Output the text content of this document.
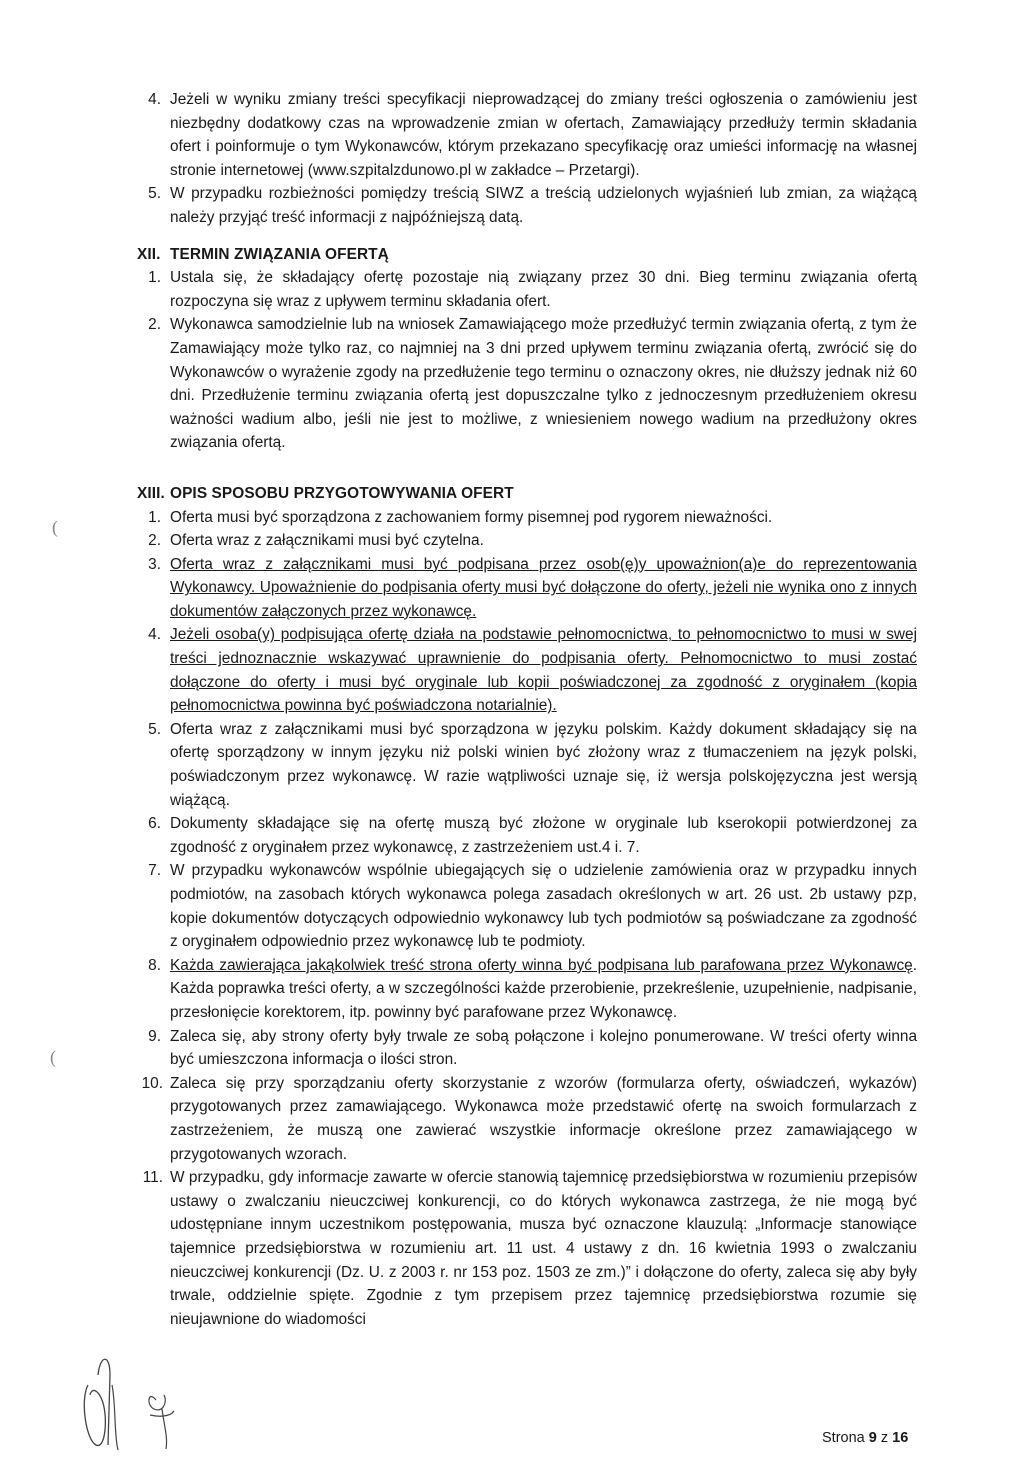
4. Jeżeli w wyniku zmiany treści specyfikacji nieprowadzącej do zmiany treści ogłoszenia o zamówieniu jest niezbędny dodatkowy czas na wprowadzenie zmian w ofertach, Zamawiający przedłuży termin składania ofert i poinformuje o tym Wykonawców, którym przekazano specyfikację oraz umieści informację na własnej stronie internetowej (www.szpitalzdunowo.pl w zakładce – Przetargi).
5. W przypadku rozbieżności pomiędzy treścią SIWZ a treścią udzielonych wyjaśnień lub zmian, za wiążącą należy przyjąć treść informacji z najpóźniejszą datą.
XII. TERMIN ZWIĄZANIA OFERTĄ
1. Ustala się, że składający ofertę pozostaje nią związany przez 30 dni. Bieg terminu związania ofertą rozpoczyna się wraz z upływem terminu składania ofert.
2. Wykonawca samodzielnie lub na wniosek Zamawiającego może przedłużyć termin związania ofertą, z tym że Zamawiający może tylko raz, co najmniej na 3 dni przed upływem terminu związania ofertą, zwrócić się do Wykonawców o wyrażenie zgody na przedłużenie tego terminu o oznaczony okres, nie dłuższy jednak niż 60 dni. Przedłużenie terminu związania ofertą jest dopuszczalne tylko z jednoczesnym przedłużeniem okresu ważności wadium albo, jeśli nie jest to możliwe, z wniesieniem nowego wadium na przedłużony okres związania ofertą.
XIII. OPIS SPOSOBU PRZYGOTOWYWANIA OFERT
1. Oferta musi być sporządzona z zachowaniem formy pisemnej pod rygorem nieważności.
2. Oferta wraz z załącznikami musi być czytelna.
3. Oferta wraz z załącznikami musi być podpisana przez osob(ę)y upoważnion(a)e do reprezentowania Wykonawcy. Upoważnienie do podpisania oferty musi być dołączone do oferty, jeżeli nie wynika ono z innych dokumentów załączonych przez wykonawcę.
4. Jeżeli osoba(y) podpisująca ofertę działa na podstawie pełnomocnictwa, to pełnomocnictwo to musi w swej treści jednoznacznie wskazywać uprawnienie do podpisania oferty. Pełnomocnictwo to musi zostać dołączone do oferty i musi być oryginale lub kopii poświadczonej za zgodność z oryginałem (kopia pełnomocnictwa powinna być poświadczona notarialnie).
5. Oferta wraz z załącznikami musi być sporządzona w języku polskim. Każdy dokument składający się na ofertę sporządzony w innym języku niż polski winien być złożony wraz z tłumaczeniem na język polski, poświadczonym przez wykonawcę. W razie wątpliwości uznaje się, iż wersja polskojęzyczna jest wersją wiążącą.
6. Dokumenty składające się na ofertę muszą być złożone w oryginale lub kserokopii potwierdzonej za zgodność z oryginałem przez wykonawcę, z zastrzeżeniem ust.4 i. 7.
7. W przypadku wykonawców wspólnie ubiegających się o udzielenie zamówienia oraz w przypadku innych podmiotów, na zasobach których wykonawca polega zasadach określonych w art. 26 ust. 2b ustawy pzp, kopie dokumentów dotyczących odpowiednio wykonawcy lub tych podmiotów są poświadczane za zgodność z oryginałem odpowiednio przez wykonawcę lub te podmioty.
8. Każda zawierająca jakąkolwiek treść strona oferty winna być podpisana lub parafowana przez Wykonawcę. Każda poprawka treści oferty, a w szczególności każde przerobienie, przekreślenie, uzupełnienie, nadpisanie, przesłonięcie korektorem, itp. powinny być parafowane przez Wykonawcę.
9. Zaleca się, aby strony oferty były trwale ze sobą połączone i kolejno ponumerowane. W treści oferty winna być umieszczona informacja o ilości stron.
10. Zaleca się przy sporządzaniu oferty skorzystanie z wzorów (formularza oferty, oświadczeń, wykazów) przygotowanych przez zamawiającego. Wykonawca może przedstawić ofertę na swoich formularzach z zastrzeżeniem, że muszą one zawierać wszystkie informacje określone przez zamawiającego w przygotowanych wzorach.
11. W przypadku, gdy informacje zawarte w ofercie stanowią tajemnicę przedsiębiorstwa w rozumieniu przepisów ustawy o zwalczaniu nieuczciwej konkurencji, co do których wykonawca zastrzega, że nie mogą być udostępniane innym uczestnikom postępowania, musza być oznaczone klauzulą: „Informacje stanowiące tajemnice przedsiębiorstwa w rozumieniu art. 11 ust. 4 ustawy z dn. 16 kwietnia 1993 o zwalczaniu nieuczciwej konkurencji (Dz. U. z 2003 r. nr 153 poz. 1503 ze zm.)” i dołączone do oferty, zaleca się aby były trwale, oddzielnie spięte. Zgodnie z tym przepisem przez tajemnicę przedsiębiorstwa rozumie się nieujawnione do wiadomości
(
(
Strona 9 z 16
